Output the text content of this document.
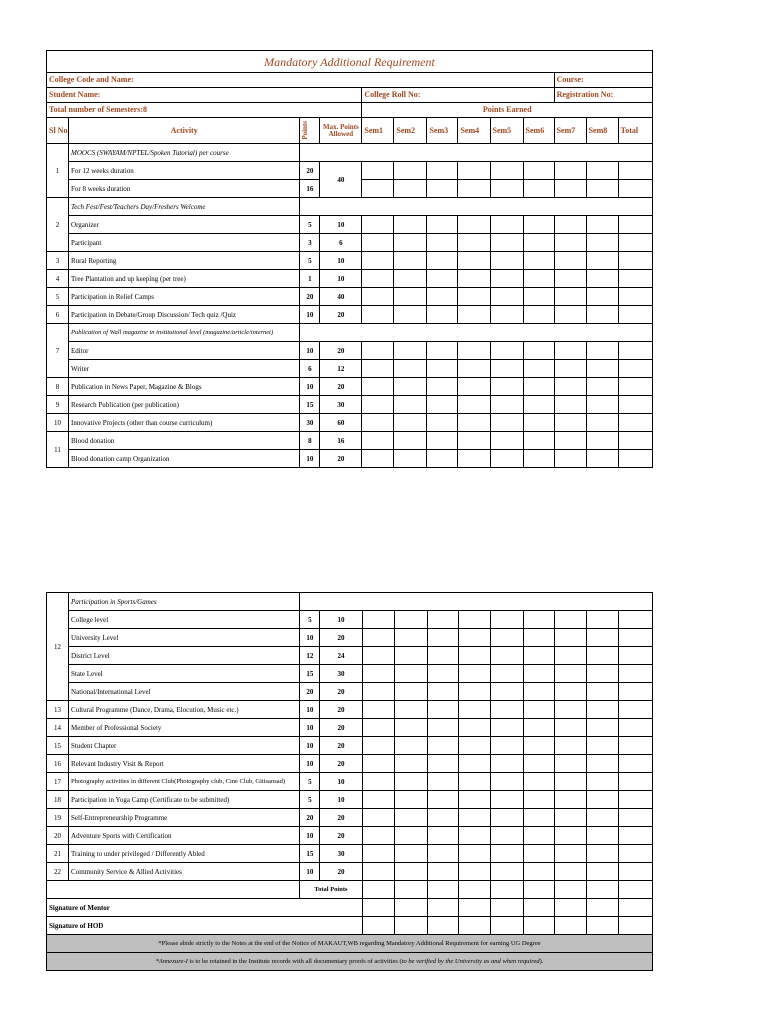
Mandatory Additional Requirement												
College Code and Name:										Course:		
Student Name:				College Roll No:						Registration No:		
Total number of Semesters:8				Points Earned								
Sl No	Activity	Points	Max. Points Allowed	Sem1	Sem2	Sem3	Sem4	Sem5	Sem6	Sem7	Sem8	Total
1	MOOCS (SWAYAM/NPTEL/Spoken Tutorial) per course											
	For 12 weeks duration	20	40									
	For 8 weeks duration	16										
2	Tech Fest/Fest/Teachers Day/Freshers Welcome											
	Organizer	5	10									
	Participant	3	6									
3	Rural Reporting	5	10									
4	Tree Plantation and up keeping (per tree)	1	10									
5	Participation in Relief Camps	20	40									
6	Participation in Debate/Group Discussion/ Tech quiz /Quiz	10	20									
7	Publication of Wall magazine in institutional level (magazine/article/internet)											
	Editor	10	20									
	Writer	6	12									
8	Publication in News Paper, Magazine & Blogs	10	20									
9	Research Publication (per publication)	15	30									
10	Innovative Projects (other than course curriculum)	30	60									
11	Blood donation	8	16									
	Blood donation camp Organization	10	20									
12	Participation in Sports/Games											
	College level	5	10									
	University Level	10	20									
	District Level	12	24									
	State Level	15	30									
	National/International Level	20	20									
13	Cultural Programme (Dance, Drama, Elocution, Music etc.)	10	20									
14	Member of Professional Society	10	20									
15	Student Chapter	10	20									
16	Relevant Industry Visit & Report	10	20									
17	Photography activities in different Club(Photography club, Cine Club, Gitisansad)	5	10									
18	Participation in Yoga Camp (Certificate to be submitted)	5	10									
19	Self-Entrepreneurship Programme	20	20									
20	Adventure Sports with Certification	10	20									
21	Training to under privileged / Differently Abled	15	30									
22	Community Service & Allied Activities	10	20									
		Total Points										
Signature of Mentor												
Signature of HOD												
*Please abide strictly to the Notes at the end of the Notice of MAKAUT,WB regarding Mandatory Additional Requirement for earning UG Degree												
*Annexure-I is to be retained in the Institute records with all documentary proofs of activities (to be verified by the University as and when required).												
